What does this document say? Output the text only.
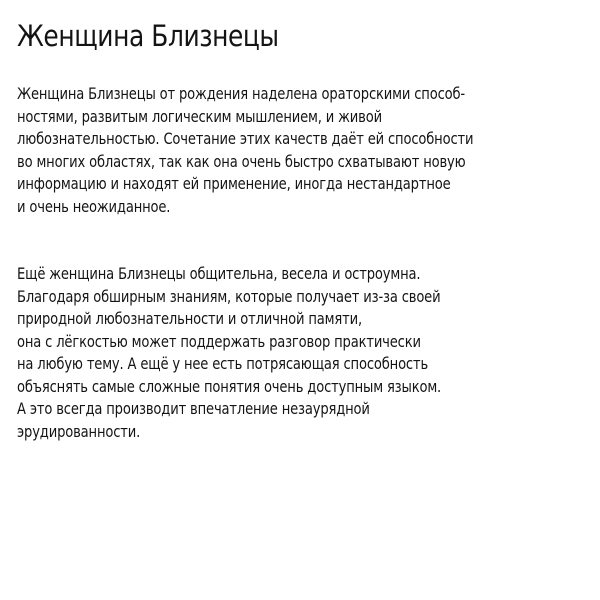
Женщина Близнецы
Женщина Близнецы от рождения наделена ораторскими способ-
ностями, развитым логическим мышлением, и живой
любознательностью. Сочетание этих качеств даёт ей способности
во многих областях, так как она очень быстро схватывают новую
информацию и находят ей применение, иногда нестандартное
и очень неожиданное.
Ещё женщина Близнецы общительна, весела и остроумна.
Благодаря обширным знаниям, которые получает из-за своей
природной любознательности и отличной памяти,
она с лёгкостью может поддержать разговор практически
на любую тему. А ещё у нее есть потрясающая способность
объяснять самые сложные понятия очень доступным языком.
А это всегда производит впечатление незаурядной
эрудированности.
